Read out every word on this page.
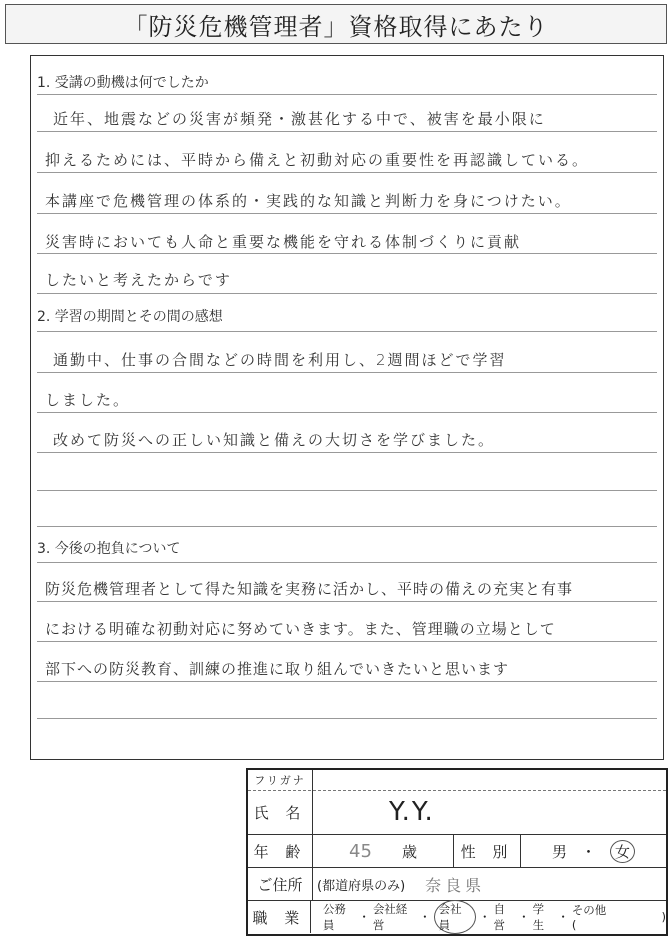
「防災危機管理者」資格取得にあたり
1. 受講の動機は何でしたか
近年、地震などの災害が頻発・激甚化する中で、被害を最小限に
抑えるためには、平時から備えと初動対応の重要性を再認識している。
本講座で危機管理の体系的・実践的な知識と判断力を身につけたい。
災害時においても人命と重要な機能を守れる体制づくりに貢献
したいと考えたからです
2. 学習の期間とその間の感想
通勤中、仕事の合間などの時間を利用し、2週間ほどで学習
しました。
改めて防災への正しい知識と備えの大切さを学びました。
3. 今後の抱負について
防災危機管理者として得た知識を実務に活かし、平時の備えの充実と有事
における明確な初動対応に努めていきます。また、管理職の立場として
部下への防災教育、訓練の推進に取り組んでいきたいと思います
フリガナ
氏 名	Y.Y.
年 齢	45 歳	性 別	男 ・	女
ご住所	(都道府県のみ) 奈良県
職 業	公務員
・
会社経営
・
会社員
・
自営
・
学生
・ その他(
)
